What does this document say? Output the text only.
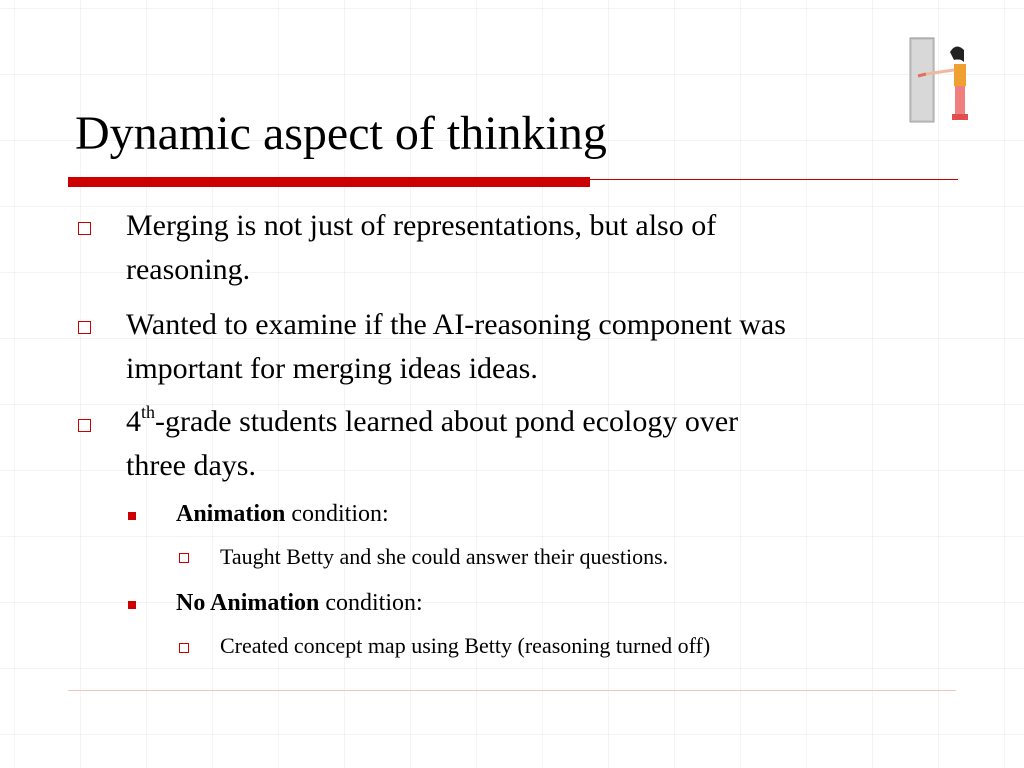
Dynamic aspect of thinking
Merging is not just of representations, but also of
reasoning.
Wanted to examine if the AI-reasoning component was
important for merging ideas ideas.
4th-grade students learned about pond ecology over
three days.
Animation condition:
Taught Betty and she could answer their questions.
No Animation condition:
Created concept map using Betty (reasoning turned off)
